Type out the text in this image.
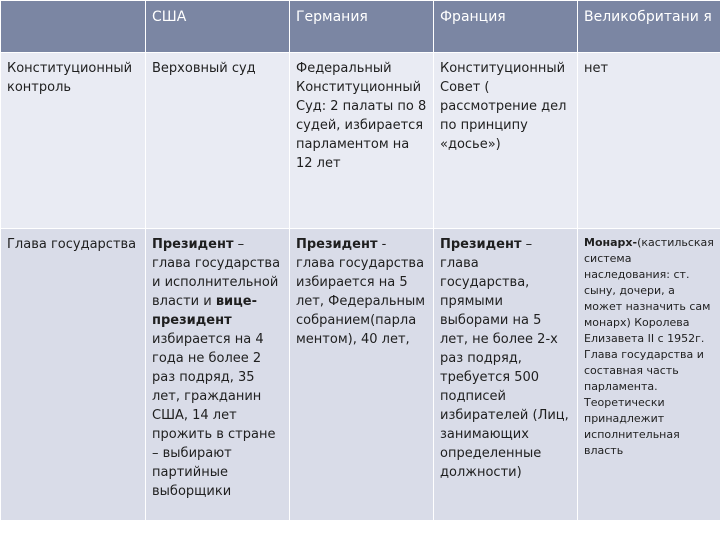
	США	Германия	Франция	Великобритани я
Конституционный контроль	Верховный суд	Федеральный Конституционный Суд: 2 палаты по 8 судей, избирается парламентом на 12 лет	Конституционный Совет ( рассмотрение дел по принципу «досье»)	нет
Глава государства	Президент – глава государства и исполнительной власти и вице-президент избирается на 4 года не более 2 раз подряд, 35 лет, гражданин США, 14 лет прожить в стране – выбирают партийные выборщики	Президент - глава государства избирается на 5 лет, Федеральным собранием(парла ментом), 40 лет,	Президент – глава государства, прямыми выборами на 5 лет, не более 2-х раз подряд, требуется 500 подписей избирателей (Лиц, занимающих определенные должности)	Монарх-(кастильская система наследования: ст. сыну, дочери, а может назначить сам монарх) Королева Елизавета II с 1952г. Глава государства и составная часть парламента. Теоретически принадлежит исполнительная власть
